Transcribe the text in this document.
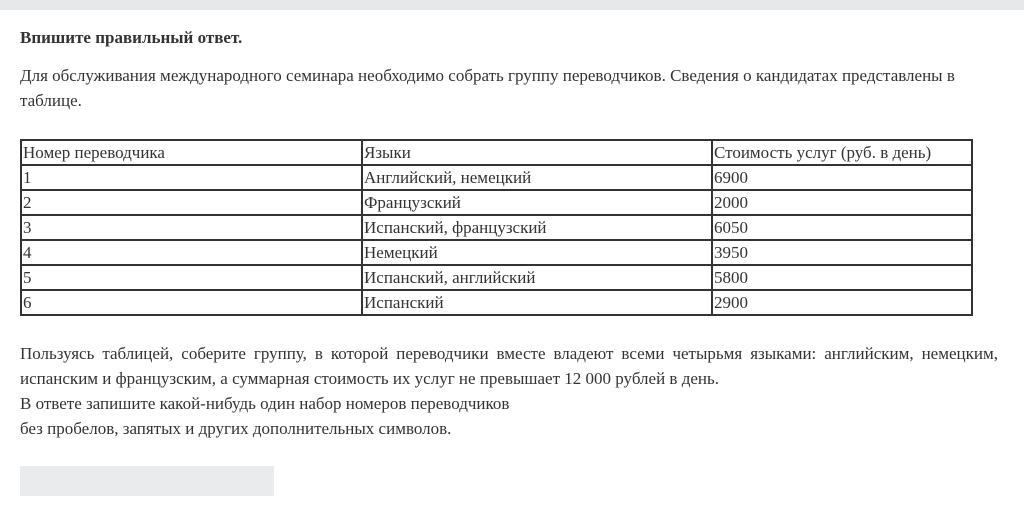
Впишите правильный ответ.

Для обслуживания международного семинара необходимо собрать группу переводчиков. Сведения о кандидатах представлены в таблице.

Номер переводчика	Языки	Стоимость услуг (руб. в день)
1	Английский, немецкий	6900
2	Французский	2000
3	Испанский, французский	6050
4	Немецкий	3950
5	Испанский, английский	5800
6	Испанский	2900

Пользуясь таблицей, соберите группу, в которой переводчики вместе владеют всеми четырьмя языками: английским, немецким, испанским и французским, а суммарная стоимость их услуг не превышает 12 000 рублей в день.

В ответе запишите какой-нибудь один набор номеров переводчиков

без пробелов, запятых и других дополнительных символов.
